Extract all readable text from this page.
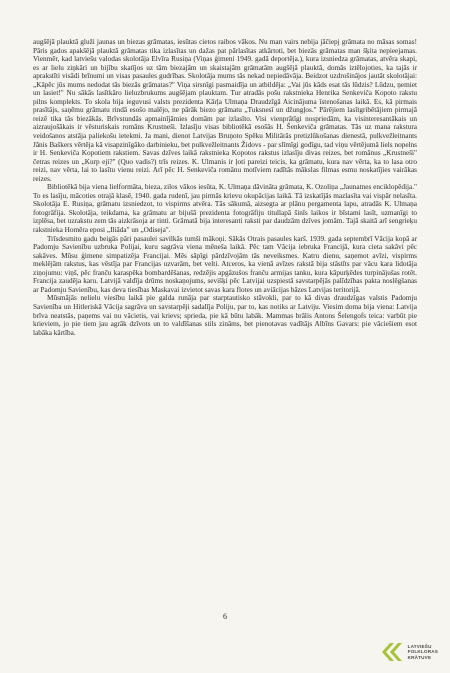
augšējā plauktā gluži jaunas un biezas grāmatas, iesūtas cietos raibos vākos. Nu man vairs nebija jāčiepj grāmata no māsas somas! Pāris gados apakšējā plauktā grāmatas tika izlasītas un dažas pat pārlasītas atkārtoti, bet biezās grāmatas man šķita nepieejamas. Vienmēr, kad latviešu valodas skolotāja Elvīra Rusiņa (Viņas ģimeni 1949. gadā deportēja.), kura izsniedza grāmatas, atvēra skapi, es ar lielu ziņkāri un bijību skatījos uz tām biezajām un skaistajām grāmatām augšējā plauktā, domās iztēlojoties, ka tajās ir aprakstīti visādi brīnumi un visas pasaules gudrības. Skolotāja mums tās nekad nepiedāvāja. Beidzot uzdrošinājos jautāt skolotājai: „Kāpēc jūs mums nedodat tās biezās grāmatas?" Viņa sirsnīgi pasmaidīja un atbildēja: „Vai jūs kāds esat tās lūdzis? Lūdzu, ņemiet un lasiet!" Nu sākās lasītkāro lieluzbrukums augšējam plauktam. Tur atradās pošu rakstnieka Henrika Senkeviča Kopoto rakstu pilns komplekts. To skola bija ieguvusi valsts prezidenta Kārļa Ulmaņa Draudzīgā Aicinājuma īstenošanas laikā. Es, kā pirmais prasītājs, saņēmu grāmatu rindā esošo malējo, ne pārāk biezo grāmatu „Tuksnesī un džungļos." Pārējiem lasītgribētājiem pirmajā reizē tika tās biezākās. Brīvstundās apmainījāmies domām par izlasīto. Visi vienprātīgi nospriedām, ka visinteresantākais un aizraujošākais ir vēsturiskais romāns Krustneši. Izlasīju visas bibliotēkā esošās H. Šenkeviča grāmatas. Tās uz mana rakstura veidošanos atstāja paliekošu ietekmi. Ja mani, dienot Latvijas Bruņoto Spēku Militārās pretizlūkošanas dienestā, pulkvežleitnants Jānis Baškers vērtēja kā visapzinīgāko darbinieku, bet pulkvežleitnants Židovs - par slīmīgi godīgu, tad viņu vērtējumā liels nopelns ir H. Senkeviča Kopotiem rakstiem. Savas dzīves laikā rakstnieka Kopotos rakstus izlasīju divas reizes, bet romānus „Krustneši" četras reizes un „Kurp eji?" (Quo vadis?) trīs reizes. K. Ulmanis ir ļoti pareizi teicis, ka grāmatu, kura nav vērta, ka to lasa otro reizi, nav vērta, lai to lasītu vienu reizi. Arī pēc H. Senkeviča romānu motīviem radītās mākslas filmas esmu noskatījies vairākas reizes.

Bibliotēkā bija viena lielformāta, bieza, zilos vākos iesūta, K. Ulmaņa dāvināta grāmata, K. Ozoliņa „Jaunatnes enciklopēdija." To es lasīju, mācoties otrajā klasē, 1940. gada rudenī, jau pirmās krievu okupācijas laikā. Tā izskatījās mazlasīta vai vispār nelasīta. Skolotāja E. Rusiņa, grāmatu izsniedzot, to vispirms atvēra. Tās sākumā, aizsegta ar plānu pergamenta lapu, atradās K. Ulmaņa fotogrāfija. Skolotāja, teikdama, ka grāmatu ar bijušā prezidenta fotogrāfiju titullapā šinīs laikos ir bīstami lasīt, uzmanīgi to izplēsa, bet uzrakstu zem tās aizkrāsoja ar tinti. Grāmatā bija interesanti raksti par daudzām dzīves jomām. Tajā skaitā arī sengrieķu rakstnieka Homēra eposi „Iliāda" un „Odiseja".

Trīsdesmito gadu beigās pāri pasaulei savilkās tumši mākoņi. Sākās Otrais pasaules karš. 1939. gada septembrī Vācija kopā ar Padomju Savienību uzbruka Polijai, kuru sagrāva viena mēneša laikā. Pēc tam Vācija iebruka Francijā, kura cieta sakāvi pēc sakāves. Mūsu ģimene simpatizēja Francijai. Mēs sāpīgi pārdzīvojām tās neveiksmes. Katru dienu, saņemot avīzi, vispirms meklējām rakstus, kas vēstīja par Francijas uzvarām, bet velti. Atceros, ka vienā avīzes rakstā bija stāstīts par vācu kara lidotāja ziņojumu: viņš, pēc franču karaspēka bombardēšanas, redzējis apgāzušos franču armijas tanku, kura kāpurķēdes turpinājušas rotēt. Francija zaudēja karu. Latvijā valdīja drūms noskaņojums, sevišķi pēc Latvijai uzspiestā savstarpējās palīdzības pakta noslēgšanas ar Padomju Savienību, kas deva tiesības Maskavai izvietot savas kara flotes un aviācijas bāzes Latvijas teritorijā.

Mūsmājās nelielu viesību laikā pie galda runāja par starptautisko stāvokli, par to kā divas draudzīgas valstis Padomju Savienība un Hitleriskā Vācija sagrāva un savstarpēji sadalīja Poliju, par to, kas notiks ar Latviju. Viesim doma bija viena: Latvija brīva neatstās, paņems vai nu vācietis, vai krievs; sprieda, pie kā būtu labāk. Mammas brālis Antons Šelengofs teica: varbūt pie krieviem, jo pie tiem jau agrāk dzīvots un to valdīšanas stils zināms, bet pienotavas vadītājs Albīns Gavars: pie vāciešiem esot labāka kārtība.

6
LATVIEŠU
FOLKLORAS
KRĀTUVE
